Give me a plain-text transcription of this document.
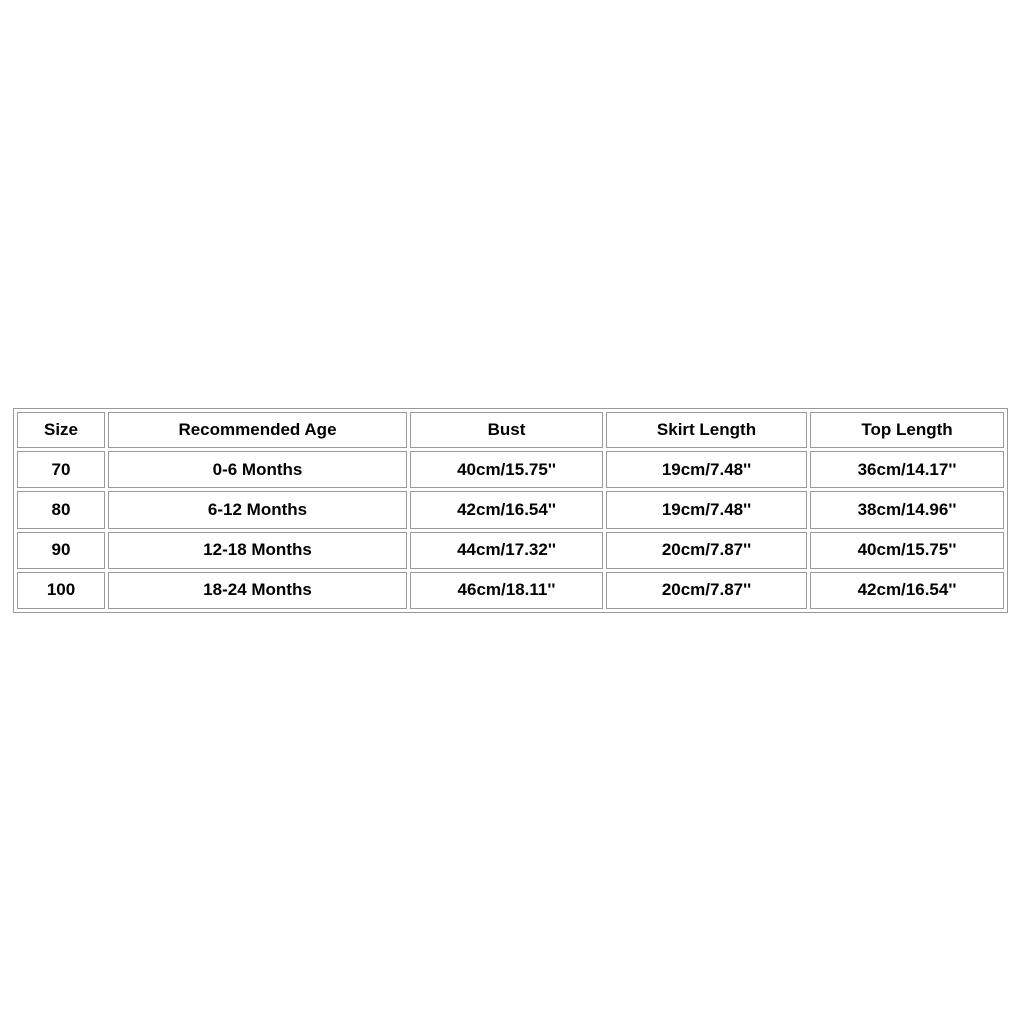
Size	Recommended Age	Bust	Skirt Length	Top Length
70	0-6 Months	40cm/15.75''	19cm/7.48''	36cm/14.17''
80	6-12 Months	42cm/16.54''	19cm/7.48''	38cm/14.96''
90	12-18 Months	44cm/17.32''	20cm/7.87''	40cm/15.75''
100	18-24 Months	46cm/18.11''	20cm/7.87''	42cm/16.54''
